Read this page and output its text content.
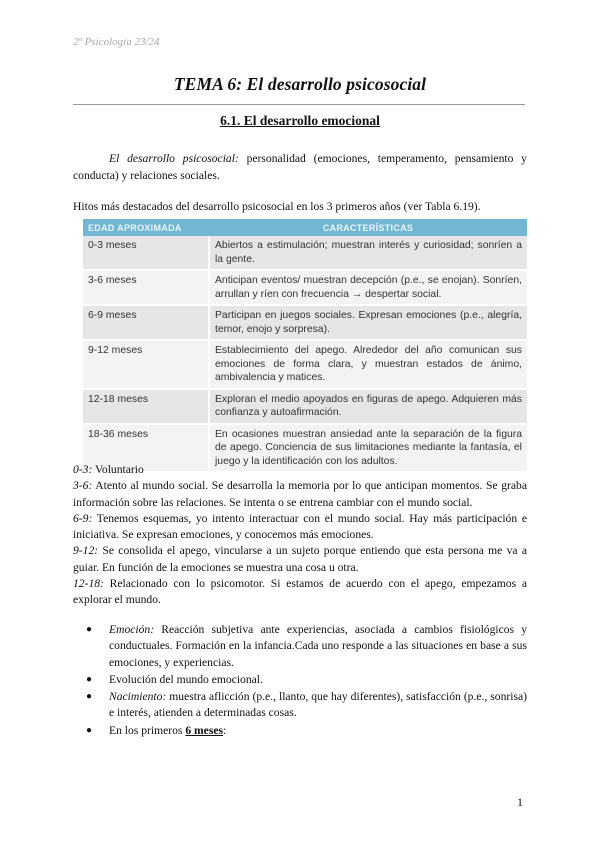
2º Psicología 23/24
TEMA 6: El desarrollo psicosocial
6.1. El desarrollo emocional
El desarrollo psicosocial: personalidad (emociones, temperamento, pensamiento y conducta) y relaciones sociales.
Hitos más destacados del desarrollo psicosocial en los 3 primeros años (ver Tabla 6.19).
EDAD APROXIMADA	CARACTERÍSTICAS
0-3 meses	Abiertos a estimulación; muestran interés y curiosidad; sonríen a la gente.
3-6 meses	Anticipan eventos/ muestran decepción (p.e., se enojan). Sonríen, arrullan y ríen con frecuencia → despertar social.
6-9 meses	Participan en juegos sociales. Expresan emociones (p.e., alegría, temor, enojo y sorpresa).
9-12 meses	Establecimiento del apego. Alrededor del año comunican sus emociones de forma clara, y muestran estados de ánimo, ambivalencia y matices.
12-18 meses	Exploran el medio apoyados en figuras de apego. Adquieren más confianza y autoafirmación.
18-36 meses	En ocasiones muestran ansiedad ante la separación de la figura de apego. Conciencia de sus limitaciones mediante la fantasía, el juego y la identificación con los adultos.

0-3: Voluntario

3-6: Atento al mundo social. Se desarrolla la memoria por lo que anticipan momentos. Se graba información sobre las relaciones. Se intenta o se entrena cambiar con el mundo social.

6-9: Tenemos esquemas, yo intento interactuar con el mundo social. Hay más participación e iniciativa. Se expresan emociones, y conocemos más emociones.

9-12: Se consolida el apego, vincularse a un sujeto porque entiendo que esta persona me va a guiar. En función de la emociones se muestra una cosa u otra.

12-18: Relacionado con lo psicomotor. Si estamos de acuerdo con el apego, empezamos a explorar el mundo.

● Emoción: Reacción subjetiva ante experiencias, asociada a cambios fisiológicos y conductuales. Formación en la infancia.Cada uno responde a las situaciones en base a sus emociones, y experiencias.
● Evolución del mundo emocional.
● Nacimiento: muestra aflicción (p.e., llanto, que hay diferentes), satisfacción (p.e., sonrisa) e interés, atienden a determinadas cosas.
● En los primeros 6 meses:
1
